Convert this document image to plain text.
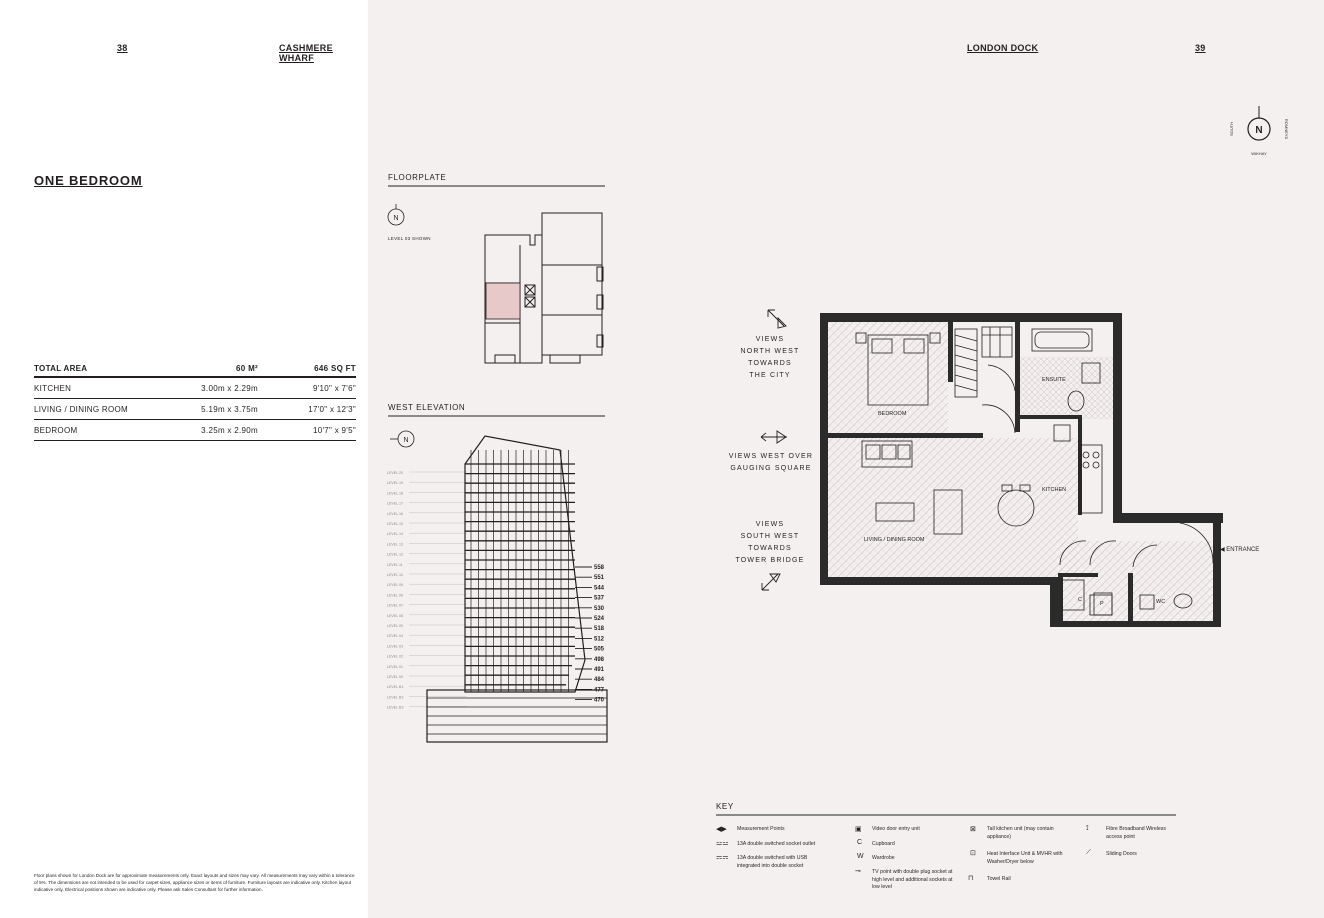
38	CASHMERE WHARF
ONE BEDROOM
TOTAL AREA	60 M²	646 SQ FT
KITCHEN	3.00m x 2.29m	9'10" x 7'6"
LIVING / DINING ROOM	5.19m x 3.75m	17'0" x 12'3"
BEDROOM	3.25m x 2.90m	10'7" x 9'5"
Floor plans shown for London Dock are for approximate measurements only. Exact layouts and sizes may vary. All measurements may vary within a tolerance of 5%. The dimensions are not intended to be used for carpet sizes, appliance sizes or items of furniture. Furniture layouts are indicative only. Kitchen layout indicative only. Electrical positions shown are indicative only. Please ask Sales Consultant for further information.
LONDON DOCK	39
N
SOUTH	ROMNEYS
WIKHAY
FLOORPLATE
N
LEVEL 03 SHOWN
WEST ELEVATION
N
LEVEL 20
LEVEL 19
LEVEL 18
LEVEL 17
LEVEL 16
LEVEL 15
LEVEL 14
LEVEL 13
LEVEL 12
LEVEL 11
LEVEL 10
LEVEL 09
LEVEL 08
LEVEL 07
LEVEL 06
LEVEL 05
LEVEL 04
LEVEL 03
LEVEL 02
LEVEL 01
LEVEL 00
LEVEL B1
LEVEL B2
LEVEL B3
558
551
544
537
530
524
518
512
505
498
491
484
477
470
BEDROOM
ENSUITE
KITCHEN
LIVING / DINING ROOM
WC
C
P
◀ ENTRANCE
VIEWS
NORTH WEST
TOWARDS
THE CITY
VIEWS WEST OVER
GAUGING SQUARE
VIEWS
SOUTH WEST
TOWARDS
TOWER BRIDGE
KEY
◀▶ Measurement Points
⚍⚍ 13A double switched socket outlet
⚎⚎ 13A double switched with USB integrated into double socket
▣ Video door entry unit
C Cupboard
W Wardrobe
⊸ TV point with double plug socket at high level and additional sockets at low level
⊠ Tall kitchen unit (may contain appliance)
⊡ Heat Interface Unit & MVHR with Washer/Dryer below
⊓	Towel Rail
⟟	Fibre Broadband Wireless access point
⟋	Sliding Doors
